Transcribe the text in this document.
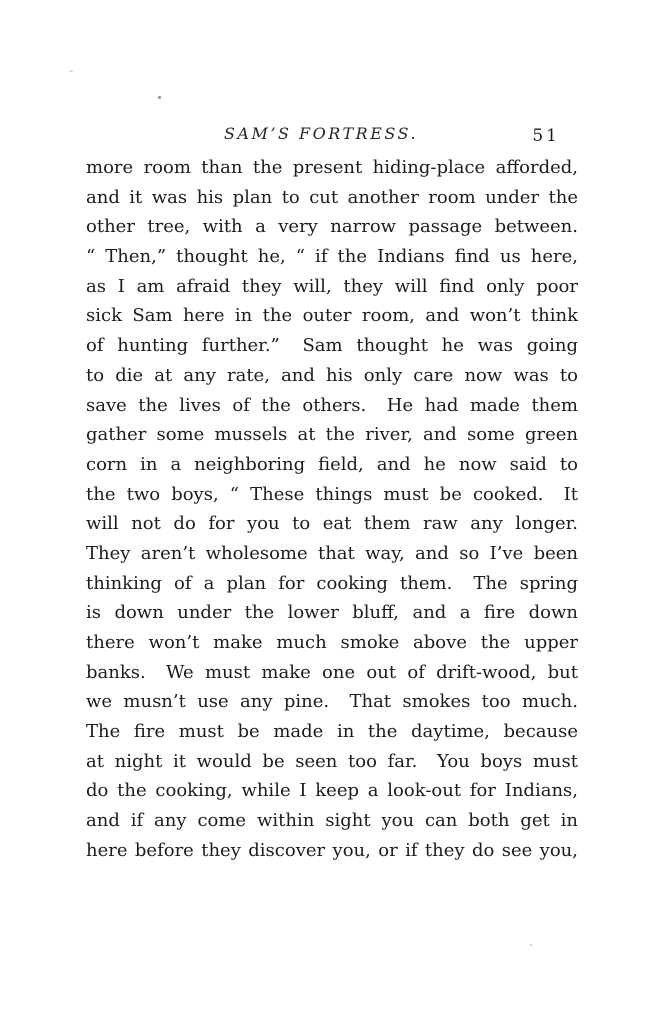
SAM’S FORTRESS.	51
more room than the present hiding-place afforded,
and it was his plan to cut another room under the
other tree, with a very narrow passage between.
“ Then,” thought he, “ if the Indians find us here,
as I am afraid they will, they will find only poor
sick Sam here in the outer room, and won’t think
of hunting further.”  Sam thought he was going
to die at any rate, and his only care now was to
save the lives of the others.  He had made them
gather some mussels at the river, and some green
corn in a neighboring field, and he now said to
the two boys, “ These things must be cooked.  It
will not do for you to eat them raw any longer.
They aren’t wholesome that way, and so I’ve been
thinking of a plan for cooking them.  The spring
is down under the lower bluff, and a fire down
there won’t make much smoke above the upper
banks.  We must make one out of drift-wood, but
we musn’t use any pine.  That smokes too much.
The fire must be made in the daytime, because
at night it would be seen too far.  You boys must
do the cooking, while I keep a look-out for Indians,
and if any come within sight you can both get in
here before they discover you, or if they do see you,
